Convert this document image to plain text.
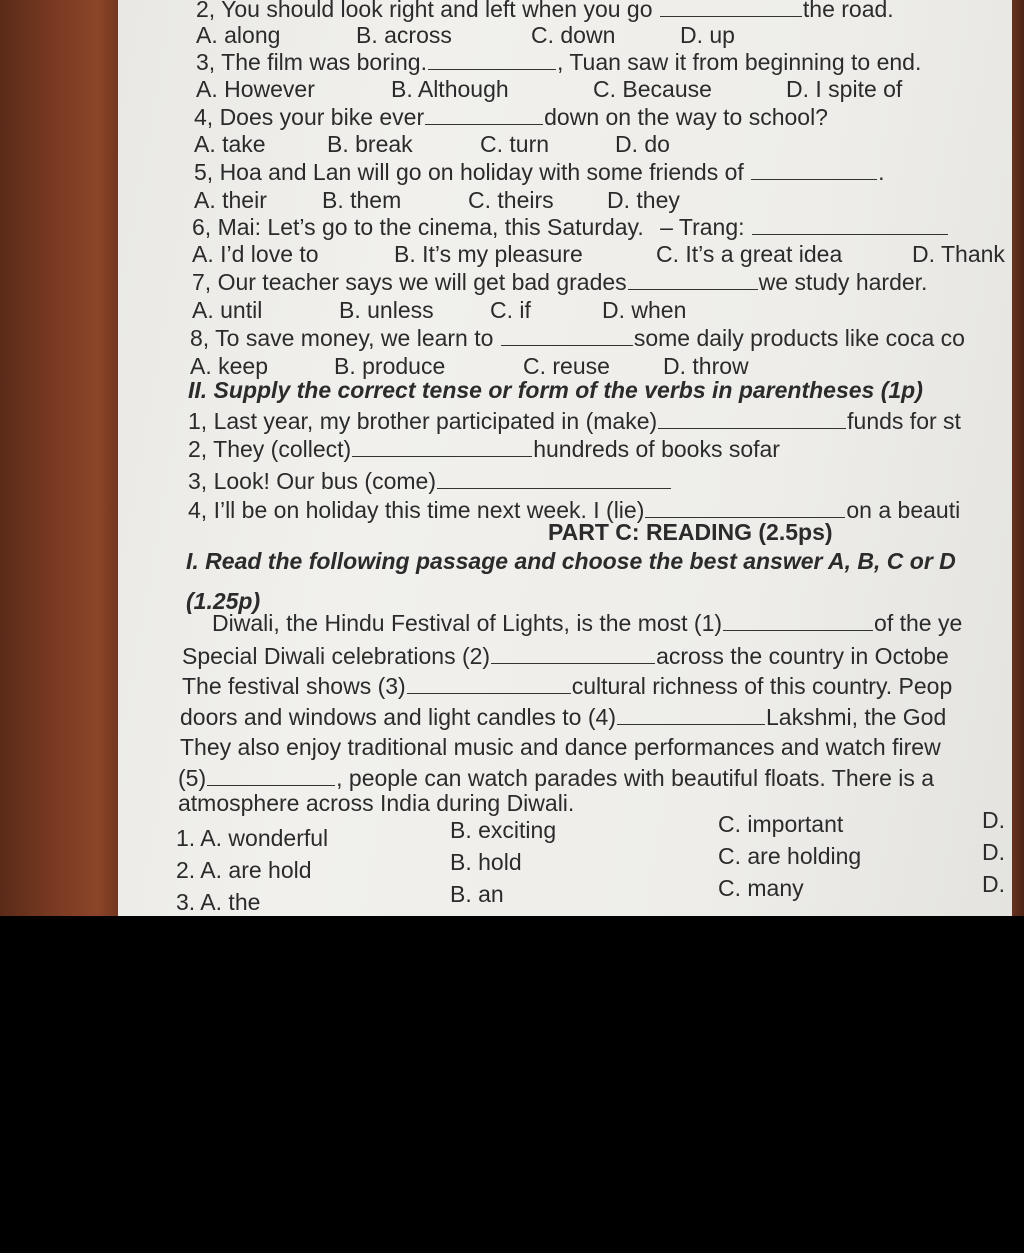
2, You should look right and left when you go	the road.
A. along	B. across	C. down	D. up
3, The film was boring.	, Tuan saw it from beginning to end.
A. However	B. Although	C. Because	D. I spite of
4, Does your bike ever	down on the way to school?
A. take	B. break	C. turn	D. do
5, Hoa and Lan will go on holiday with some friends of	.
A. their B. them	C. theirs D. they
6, Mai: Let’s go to the cinema, this Saturday. – Trang:
A. I’d love to	B. It’s my pleasure	C. It’s a great idea	D. Thank
7, Our teacher says we will get bad grades	we study harder.
A. until	B. unless C. if	D. when
8, To save money, we learn to	some daily products like coca co
A. keep	B. produce	C. reuse D. throw
II. Supply the correct tense or form of the verbs in parentheses (1p)
1, Last year, my brother participated in (make)	funds for st
2, They (collect)	hundreds of books sofar
3, Look! Our bus (come)
4, I’ll be on holiday this time next week. I (lie)	on a beauti
PART C: READING (2.5ps)
I. Read the following passage and choose the best answer A, B, C or D
(1.25p)
Diwali, the Hindu Festival of Lights, is the most (1)	of the ye
Special Diwali celebrations (2)	across the country in Octobe
The festival shows (3)	cultural richness of this country. Peop
doors and windows and light candles to (4)	Lakshmi, the God
They also enjoy traditional music and dance performances and watch firew
(5)	, people can watch parades with beautiful floats. There is a
atmosphere across India during Diwali.
1. A. wonderful	B. exciting	C. important	D.
2. A. are hold	B. hold	C. are holding	D.
3. A. the	B. an	C. many	D.
